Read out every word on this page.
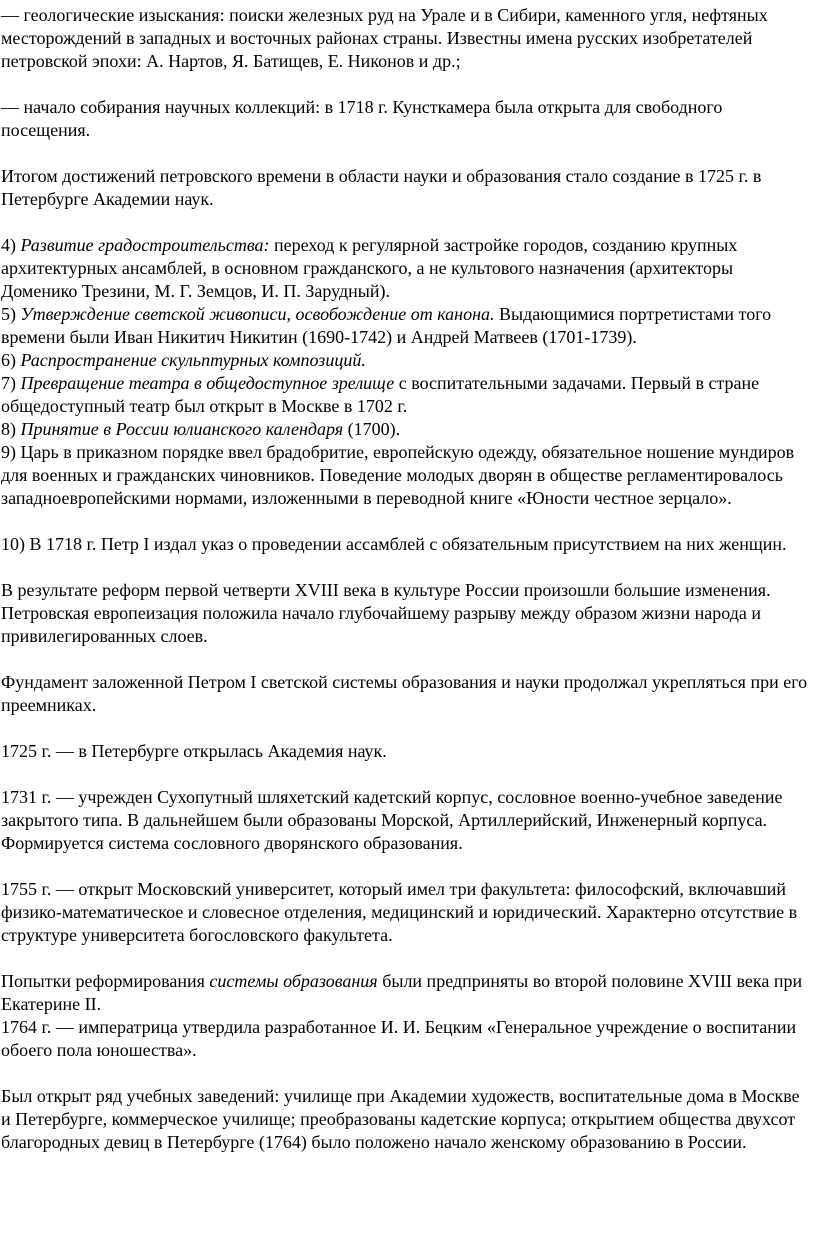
— геологические изыскания: поиски железных руд на Урале и в Сибири, каменного угля, нефтяных месторождений в западных и восточных районах страны. Известны имена русских изобретателей петровской эпохи: А. Нартов, Я. Батищев, Е. Никонов и др.;

— начало собирания научных коллекций: в 1718 г. Кунсткамера была открыта для свободного посещения.

Итогом достижений петровского времени в области науки и образования стало создание в 1725 г. в Петербурге Академии наук.

4) Развитие градостроительства: переход к регулярной застройке городов, созданию крупных архитектурных ансамблей, в основном гражданского, а не культового назначения (архитекторы Доменико Трезини, М. Г. Земцов, И. П. Зарудный).

5) Утверждение светской живописи, освобождение от канона. Выдающимися портретистами того времени были Иван Никитич Никитин (1690-1742) и Андрей Матвеев (1701-1739).

6) Распространение скульптурных композиций.

7) Превращение театра в общедоступное зрелище с воспитательными задачами. Первый в стране общедоступный театр был открыт в Москве в 1702 г.

8) Принятие в России юлианского календаря (1700).

9) Царь в приказном порядке ввел брадобритие, европейскую одежду, обязательное ношение мундиров для военных и гражданских чиновников. Поведение молодых дворян в обществе регламентировалось западноевропейскими нормами, изложенными в переводной книге «Юности честное зерцало».

10) В 1718 г. Петр I издал указ о проведении ассамблей с обязательным присутствием на них женщин.

В результате реформ первой четверти XVIII века в культуре России произошли большие изменения. Петровская европеизация положила начало глубочайшему разрыву между образом жизни народа и привилегированных слоев.

Фундамент заложенной Петром I светской системы образования и науки продолжал укрепляться при его преемниках.

1725 г. — в Петербурге открылась Академия наук.

1731 г. — учрежден Сухопутный шляхетский кадетский корпус, сословное военно-учебное заведение закрытого типа. В дальнейшем были образованы Морской, Артиллерийский, Инженерный корпуса. Формируется система сословного дворянского образования.

1755 г. — открыт Московский университет, который имел три факультета: философский, включавший физико-математическое и словесное отделения, медицинский и юридический. Характерно отсутствие в структуре университета богословского факультета.

Попытки реформирования системы образования были предприняты во второй половине XVIII века при Екатерине II.

1764 г. — императрица утвердила разработанное И. И. Бецким «Генеральное учреждение о воспитании обоего пола юношества».

Был открыт ряд учебных заведений: училище при Академии художеств, воспитательные дома в Москве и Петербурге, коммерческое училище; преобразованы кадетские корпуса; открытием общества двухсот благородных девиц в Петербурге (1764) было положено начало женскому образованию в России.
